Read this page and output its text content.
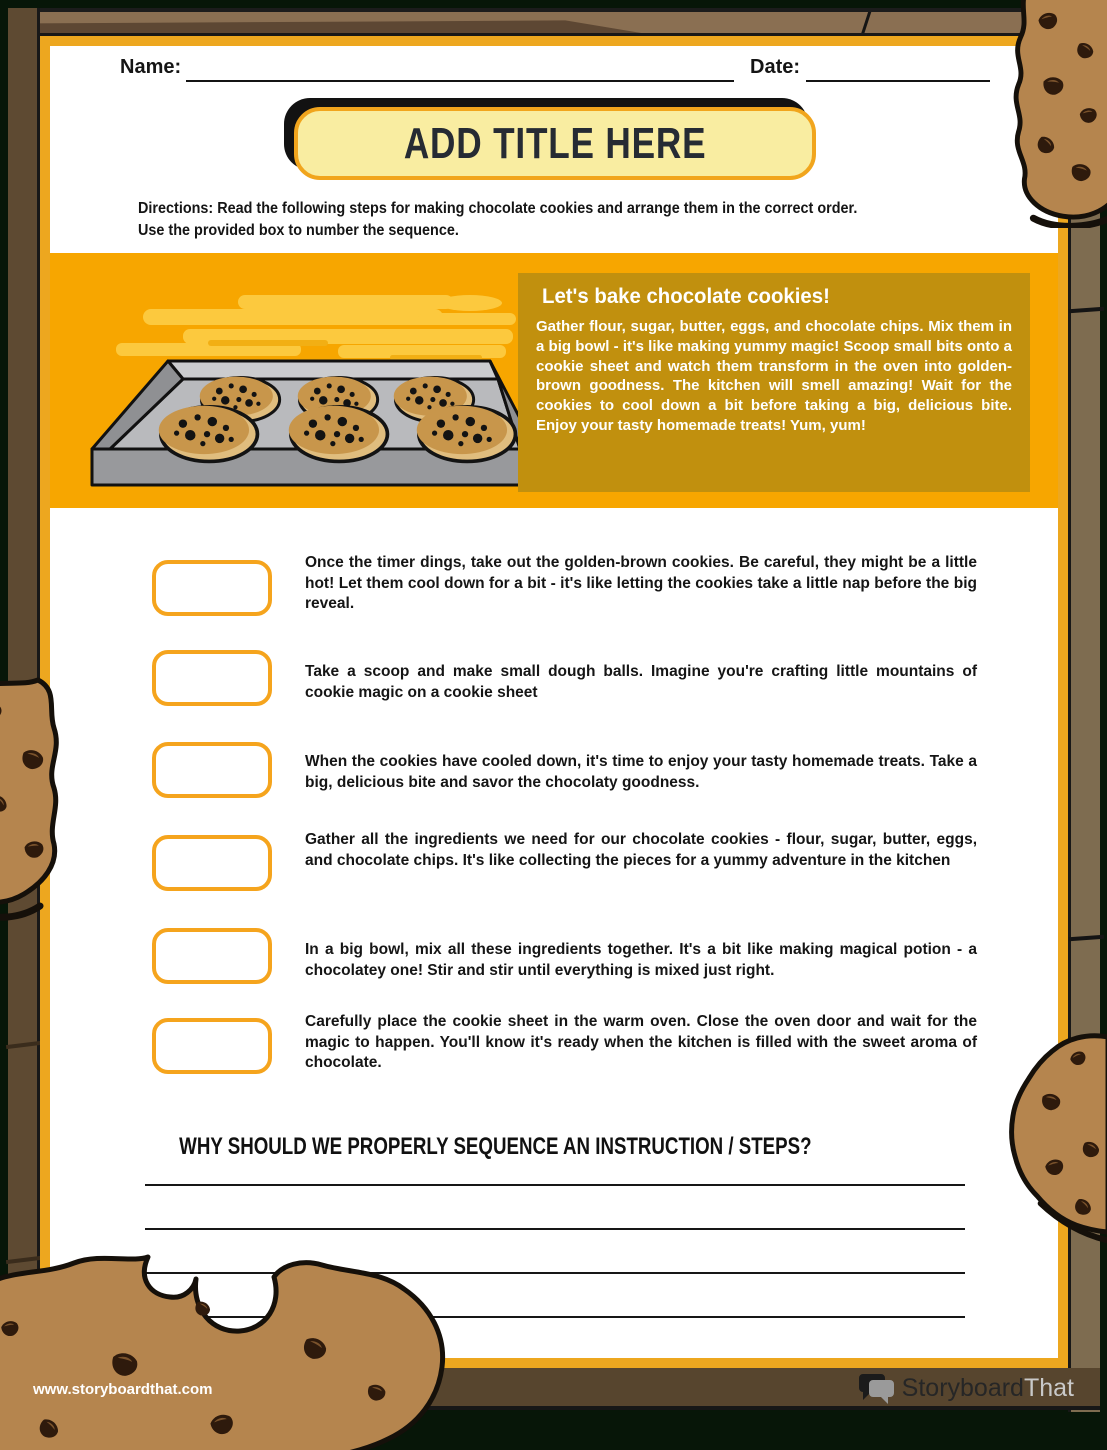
Name:	Date:
ADD TITLE HERE
Directions: Read the following steps for making chocolate cookies and arrange them in the correct order.
Use the provided box to number the sequence.
Let's bake chocolate cookies!

Gather flour, sugar, butter, eggs, and chocolate chips. Mix them in a big bowl - it's like making yummy magic! Scoop small bits onto a cookie sheet and watch them transform in the oven into golden-brown goodness. The kitchen will smell amazing! Wait for the cookies to cool down a bit before taking a big, delicious bite. Enjoy your tasty homemade treats! Yum, yum!

Once the timer dings, take out the golden-brown cookies. Be careful, they might be a little hot! Let them cool down for a bit - it's like letting the cookies take a little nap before the big reveal.
Take a scoop and make small dough balls. Imagine you're crafting little mountains of cookie magic on a cookie sheet
When the cookies have cooled down, it's time to enjoy your tasty homemade treats. Take a big, delicious bite and savor the chocolaty goodness.
Gather all the ingredients we need for our chocolate cookies - flour, sugar, butter, eggs, and chocolate chips. It's like collecting the pieces for a yummy adventure in the kitchen
In a big bowl, mix all these ingredients together. It's a bit like making magical potion - a chocolatey one! Stir and stir until everything is mixed just right.
Carefully place the cookie sheet in the warm oven. Close the oven door and wait for the magic to happen. You'll know it's ready when the kitchen is filled with the sweet aroma of chocolate.
WHY SHOULD WE PROPERLY SEQUENCE AN INSTRUCTION / STEPS?
Storyboard That
www.storyboardthat.com
